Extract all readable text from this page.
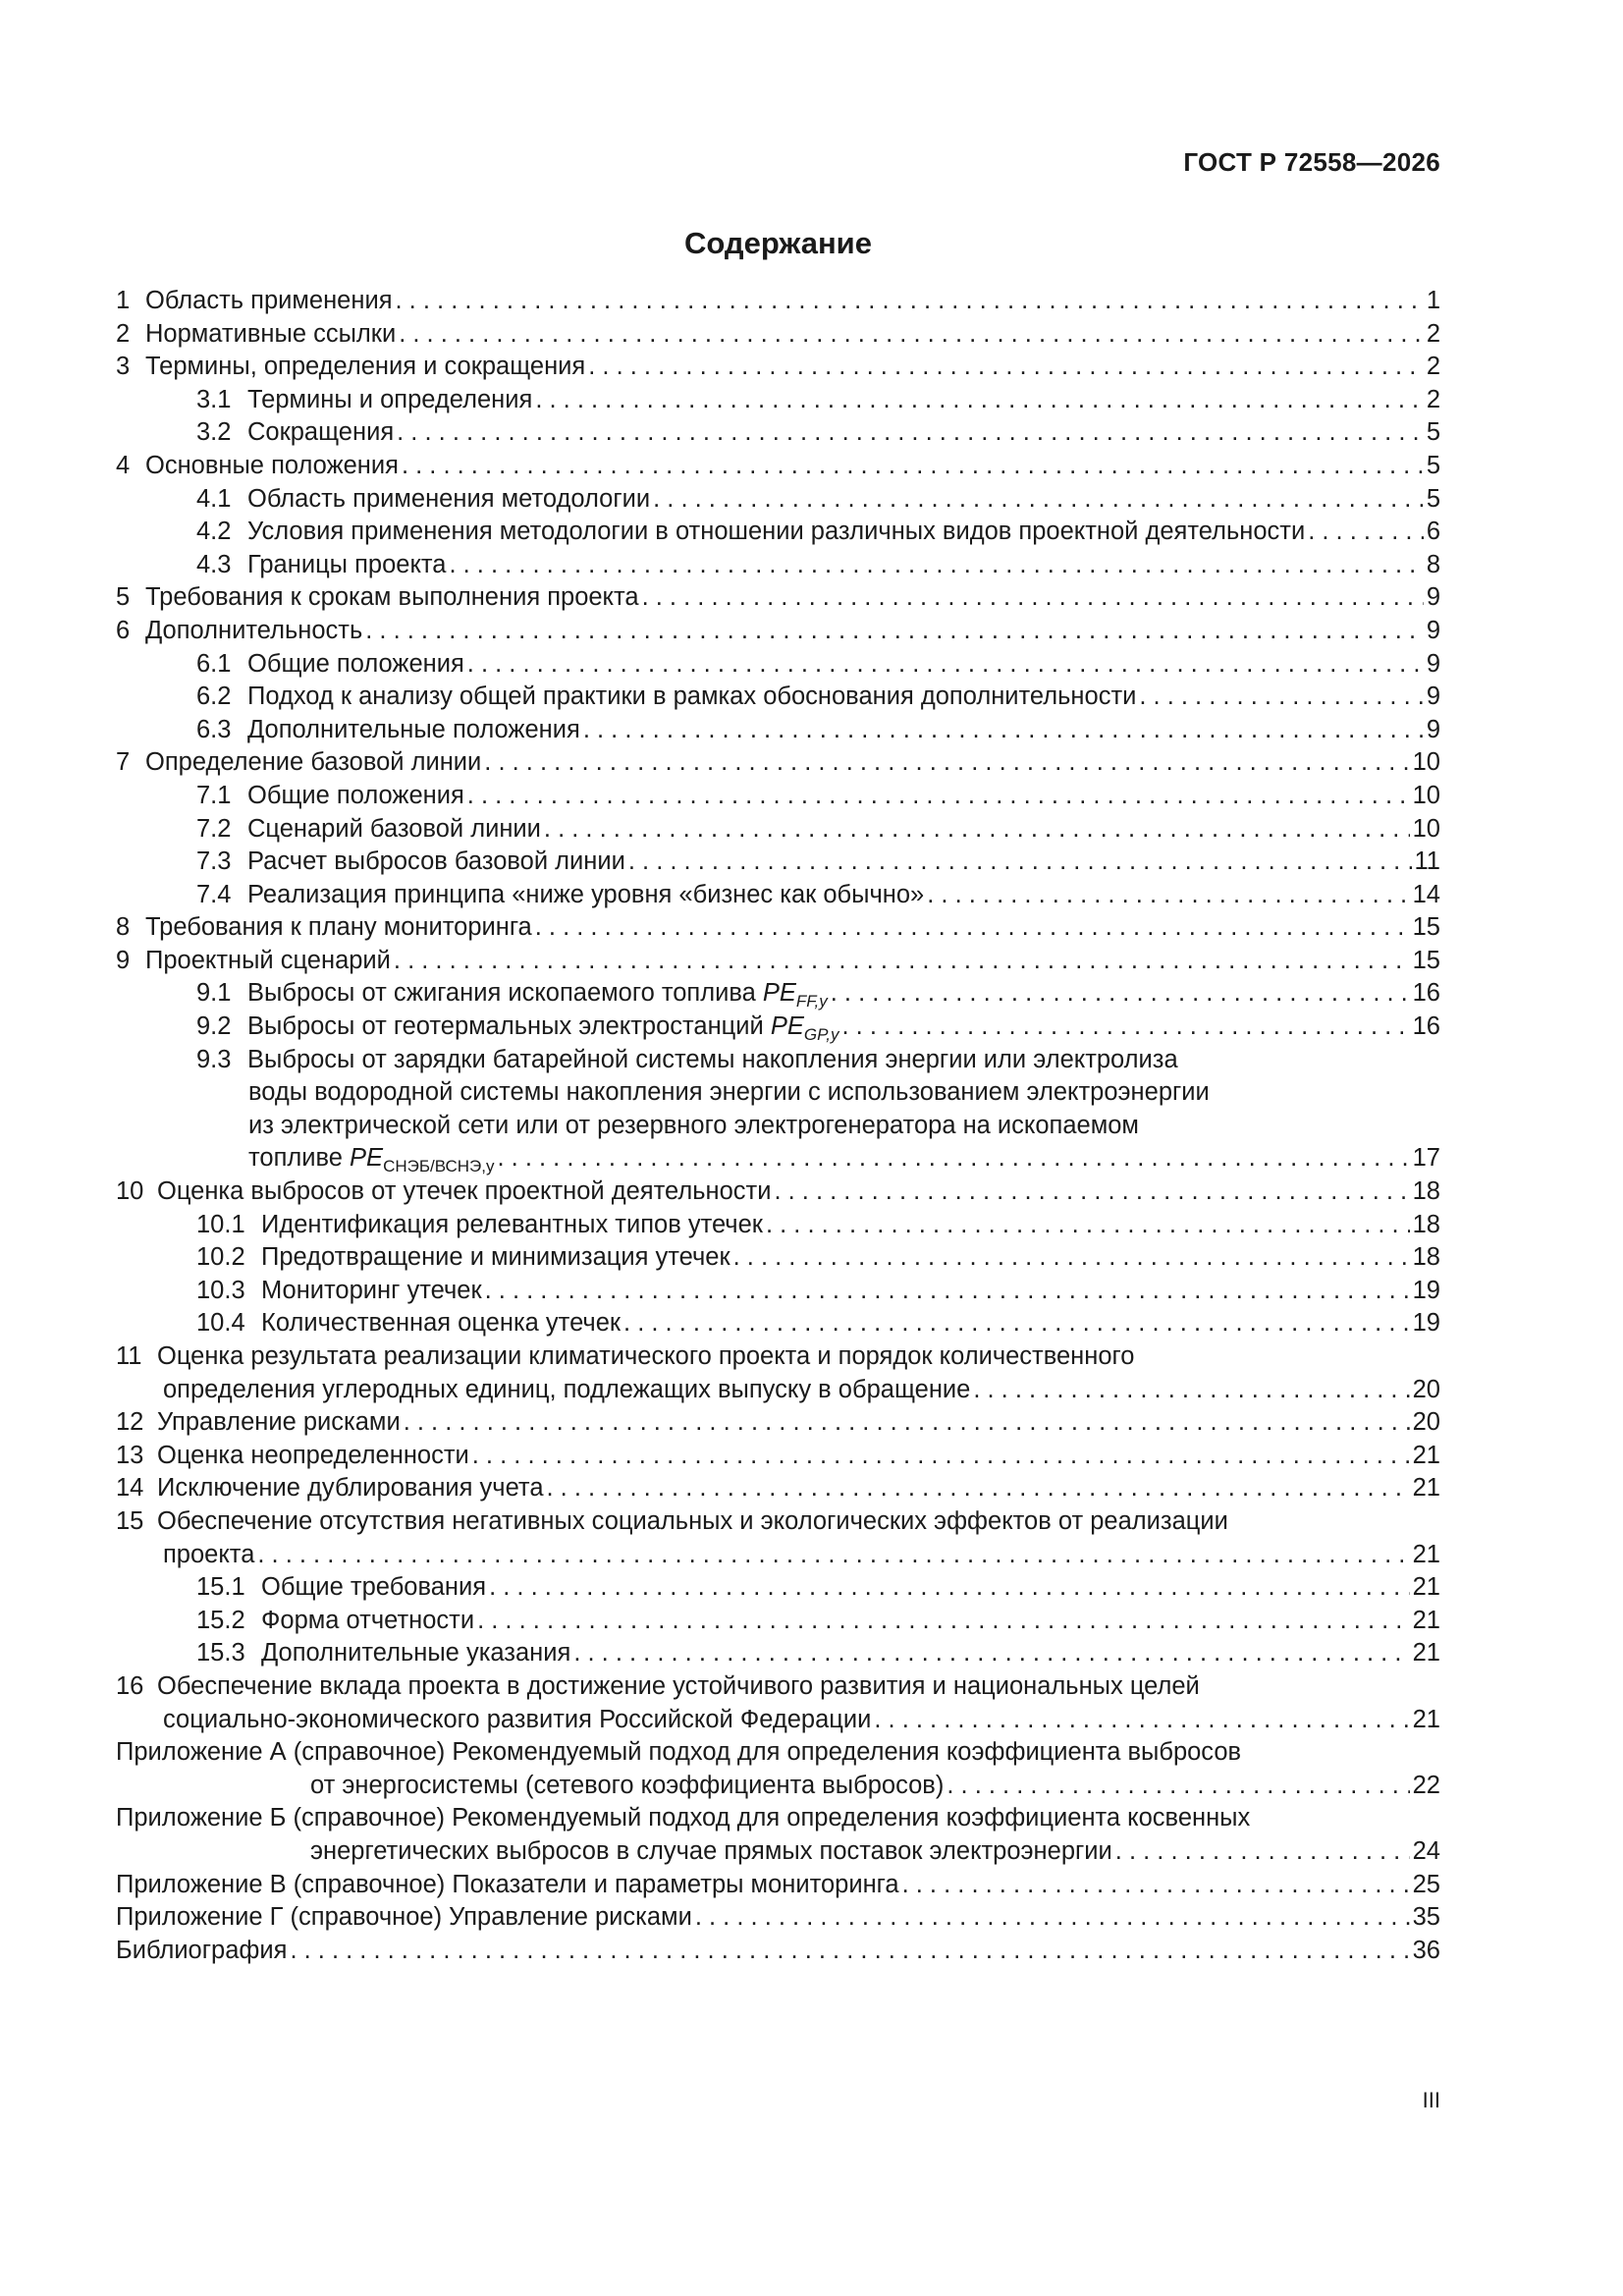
ГОСТ Р 72558—2026
Содержание
1 Область применения . . .	1
2 Нормативные ссылки . . .	2
3 Термины, определения и сокращения . . .	2
3.1 Термины и определения . . .	2
3.2 Сокращения . . .	5
4 Основные положения . . .	5
4.1 Область применения методологии . . .	5
4.2 Условия применения методологии в отношении различных видов проектной деятельности . . .	6
4.3 Границы проекта . . .	8
5 Требования к срокам выполнения проекта . . .	9
6 Дополнительность . . .	9
6.1 Общие положения . . .	9
6.2 Подход к анализу общей практики в рамках обоснования дополнительности . . .	9
6.3 Дополнительные положения . . .	9
7 Определение базовой линии . . .	10
7.1 Общие положения . . .	10
7.2 Сценарий базовой линии . . .	10
7.3 Расчет выбросов базовой линии . . .	11
7.4 Реализация принципа «ниже уровня «бизнес как обычно» . . .	14
8 Требования к плану мониторинга . . .	15
9 Проектный сценарий . . .	15
9.1 Выбросы от сжигания ископаемого топлива $PE_{FF,y}$ . . .	16
9.2 Выбросы от геотермальных электростанций $PE_{GP,y}$ . . .	16
9.3 Выбросы от зарядки батарейной системы накопления энергии или электролиза
воды водородной системы накопления энергии с использованием электроэнергии
из электрической сети или от резервного электрогенератора на ископаемом
топливе $PE_{СНЭБ/ВСНЭ,y}$ . . .	17
10 Оценка выбросов от утечек проектной деятельности . . .	18
10.1 Идентификация релевантных типов утечек . . .	18
10.2 Предотвращение и минимизация утечек . . .	18
10.3 Мониторинг утечек . . .	19
10.4 Количественная оценка утечек . . .	19
11 Оценка результата реализации климатического проекта и порядок количественного
определения углеродных единиц, подлежащих выпуску в обращение . . .	20
12 Управление рисками . . .	20
13 Оценка неопределенности . . .	21
14 Исключение дублирования учета . . .	21
15 Обеспечение отсутствия негативных социальных и экологических эффектов от реализации
проекта . . .	21
15.1 Общие требования . . .	21
15.2 Форма отчетности . . .	21
15.3 Дополнительные указания . . .	21
16 Обеспечение вклада проекта в достижение устойчивого развития и национальных целей
социально-экономического развития Российской Федерации . . .	21
Приложение А (справочное) Рекомендуемый подход для определения коэффициента выбросов
от энергосистемы (сетевого коэффициента выбросов) . . .	22
Приложение Б (справочное) Рекомендуемый подход для определения коэффициента косвенных
энергетических выбросов в случае прямых поставок электроэнергии . . .	24
Приложение В (справочное) Показатели и параметры мониторинга . . .	25
Приложение Г (справочное) Управление рисками . . .	35
Библиография . . .	36
III
